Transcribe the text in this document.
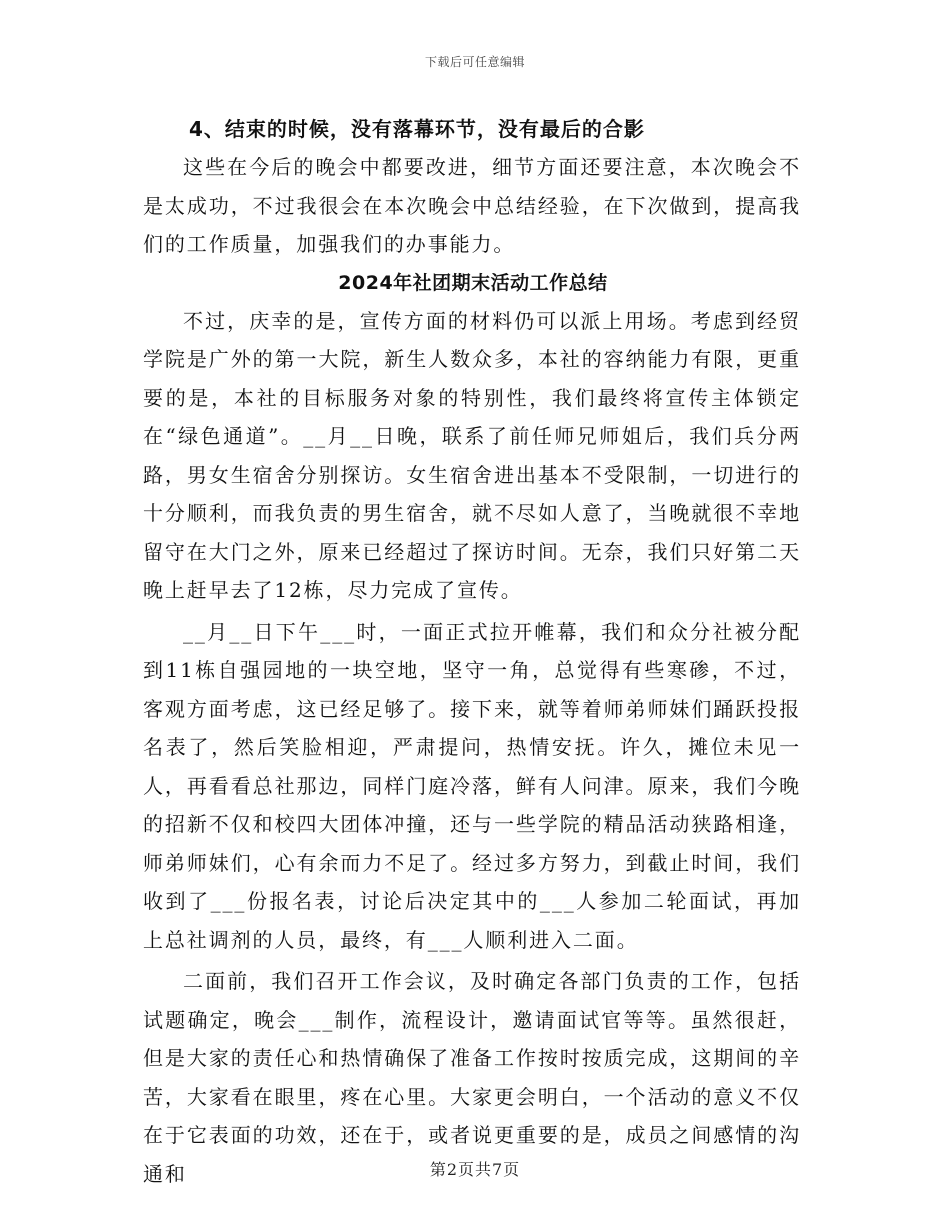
下载后可任意编辑

4、结束的时候，没有落幕环节，没有最后的合影

这些在今后的晚会中都要改进，细节方面还要注意，本次晚会不是太成功，不过我很会在本次晚会中总结经验，在下次做到，提高我们的工作质量，加强我们的办事能力。

2024年社团期末活动工作总结

不过，庆幸的是，宣传方面的材料仍可以派上用场。考虑到经贸学院是广外的第一大院，新生人数众多，本社的容纳能力有限，更重要的是，本社的目标服务对象的特别性，我们最终将宣传主体锁定在“绿色通道”。__月__日晚，联系了前任师兄师姐后，我们兵分两路，男女生宿舍分别探访。女生宿舍进出基本不受限制，一切进行的十分顺利，而我负责的男生宿舍，就不尽如人意了，当晚就很不幸地留守在大门之外，原来已经超过了探访时间。无奈，我们只好第二天晚上赶早去了12栋，尽力完成了宣传。

__月__日下午___时，一面正式拉开帷幕，我们和众分社被分配到11栋自强园地的一块空地，坚守一角，总觉得有些寒碜，不过，客观方面考虑，这已经足够了。接下来，就等着师弟师妹们踊跃投报名表了，然后笑脸相迎，严肃提问，热情安抚。许久，摊位未见一人，再看看总社那边，同样门庭冷落，鲜有人问津。原来，我们今晚的招新不仅和校四大团体冲撞，还与一些学院的精品活动狭路相逢，师弟师妹们，心有余而力不足了。经过多方努力，到截止时间，我们收到了___份报名表，讨论后决定其中的___人参加二轮面试，再加上总社调剂的人员，最终，有___人顺利进入二面。

二面前，我们召开工作会议，及时确定各部门负责的工作，包括试题确定，晚会___制作，流程设计，邀请面试官等等。虽然很赶，但是大家的责任心和热情确保了准备工作按时按质完成，这期间的辛苦，大家看在眼里，疼在心里。大家更会明白，一个活动的意义不仅在于它表面的功效，还在于，或者说更重要的是，成员之间感情的沟通和	第2页共7页
